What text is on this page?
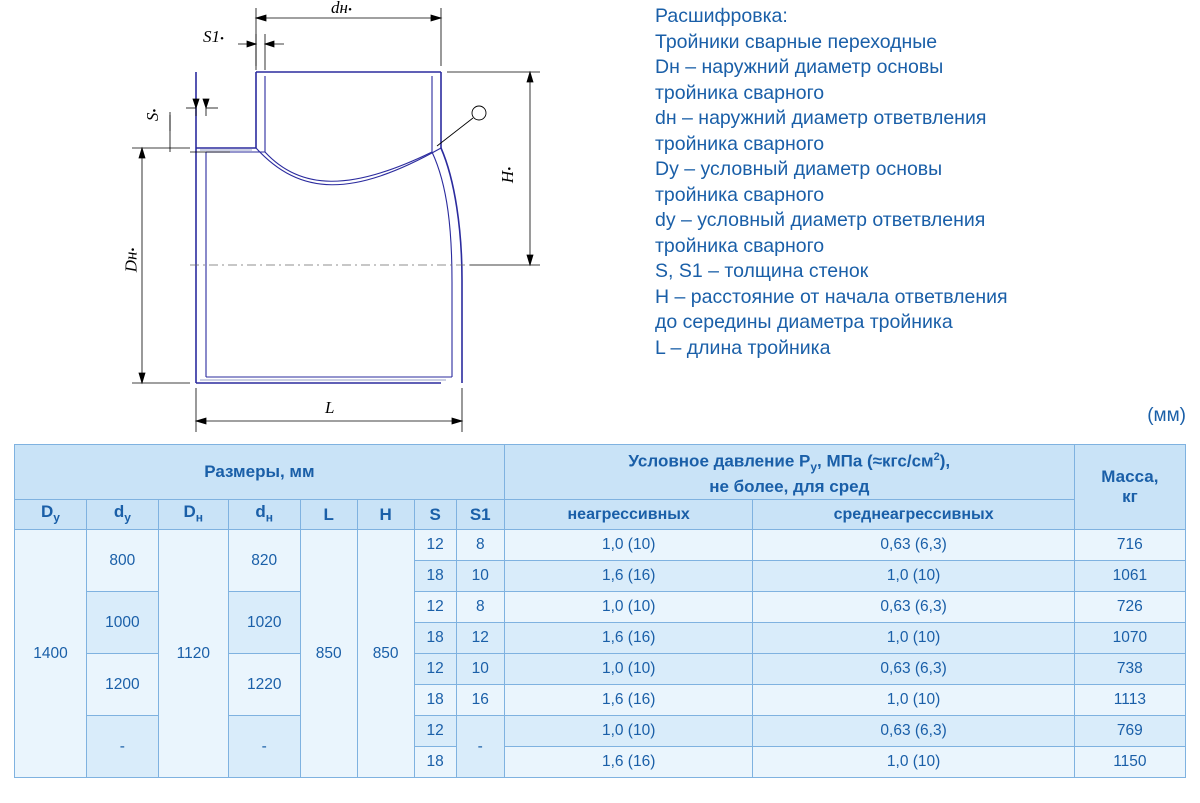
dн•
S1•
S•
Dн•
H•
L
Расшифровка:
Тройники сварные переходные
Dн – наружний диаметр основы
тройника сварного
dн – наружний диаметр ответвления
тройника сварного
Dу – условный диаметр основы
тройника сварного
dу – условный диаметр ответвления
тройника сварного
S, S1 – толщина стенок
H – расстояние от начала ответвления
до середины диаметра тройника
L – длина тройника
(мм)
Размеры, мм								Условное давление $P_у$, МПа $(\approx кгс/см^2)$,
не более, для сред		Масса,
кг
$D_у$	$d_у$	$D_н$	$d_н$	L	H	S	S1	неагрессивных	среднеагрессивных	
1400	800	1120	820	850	850	12	8	1,0 (10)	0,63 (6,3)	716
						18	10	1,6 (16)	1,0 (10)	1061
	1000		1020			12	8	1,0 (10)	0,63 (6,3)	726
						18	12	1,6 (16)	1,0 (10)	1070
	1200		1220			12	10	1,0 (10)	0,63 (6,3)	738
						18	16	1,6 (16)	1,0 (10)	1113
	-		-			12	-	1,0 (10)	0,63 (6,3)	769
						18		1,6 (16)	1,0 (10)	1150
